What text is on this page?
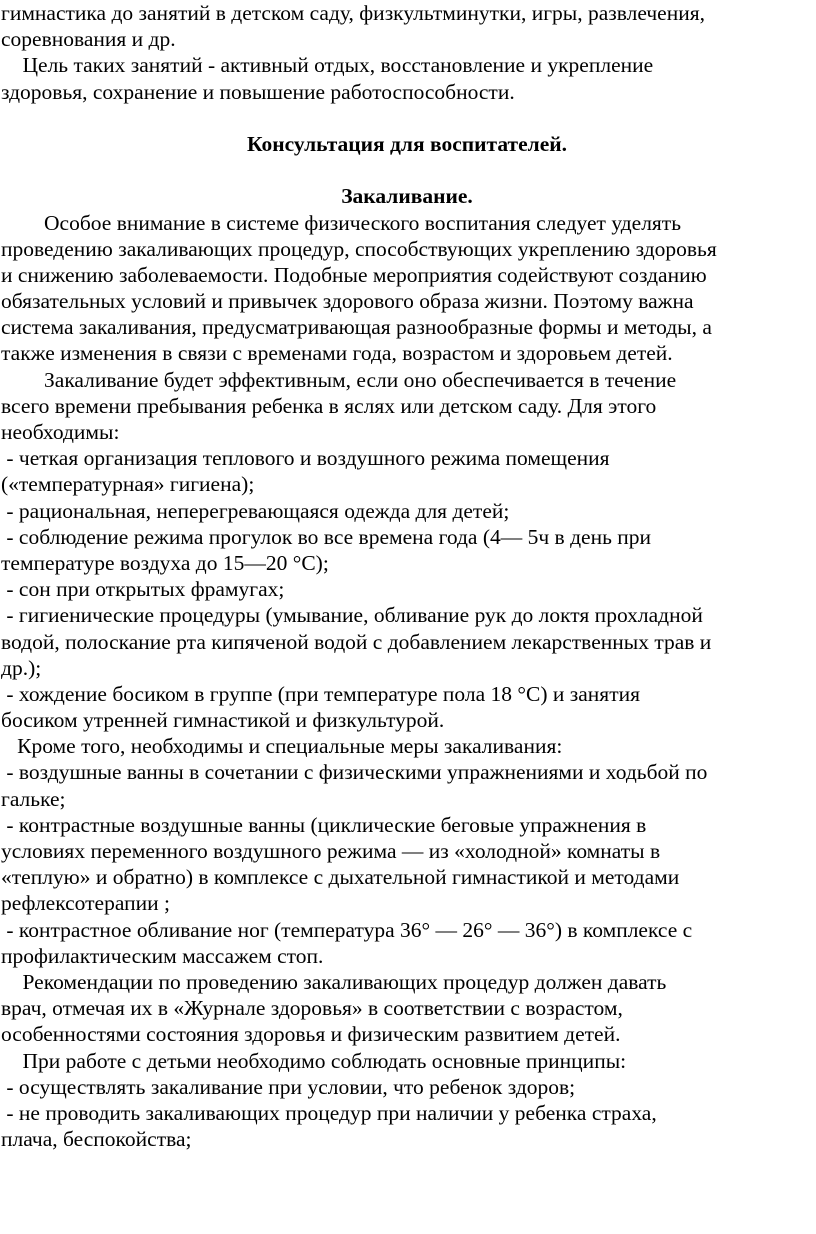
гимнастика до занятий в детском саду, физкультминутки, игры, развлечения,
соревнования и др.
Цель таких занятий - активный отдых, восстановление и укрепление
здоровья, сохранение и повышение работоспособности.
Консультация для воспитателей.
Закаливание.
Особое внимание в системе физического воспитания следует уделять
проведению закаливающих процедур, способствующих укреплению здоровья
и снижению заболеваемости. Подобные мероприятия содействуют созданию
обязательных условий и привычек здорового образа жизни. Поэтому важна
система закаливания, предусматривающая разнообразные формы и методы, а
также изменения в связи с временами года, возрастом и здоровьем детей.
Закаливание будет эффективным, если оно обеспечивается в течение
всего времени пребывания ребенка в яслях или детском саду. Для этого
необходимы:
- четкая организация теплового и воздушного режима помещения
(«температурная» гигиена);
- рациональная, неперегревающаяся одежда для детей;
- соблюдение режима прогулок во все времена года (4— 5ч в день при
температуре воздуха до 15—20 °С);
- сон при открытых фрамугах;
- гигиенические процедуры (умывание, обливание рук до локтя прохладной
водой, полоскание рта кипяченой водой с добавлением лекарственных трав и
др.);
- хождение босиком в группе (при температуре пола 18 °С) и занятия
босиком утренней гимнастикой и физкультурой.
Кроме того, необходимы и специальные меры закаливания:
- воздушные ванны в сочетании с физическими упражнениями и ходьбой по
гальке;
- контрастные воздушные ванны (циклические беговые упражнения в
условиях переменного воздушного режима — из «холодной» комнаты в
«теплую» и обратно) в комплексе с дыхательной гимнастикой и методами
рефлексотерапии ;
- контрастное обливание ног (температура 36° — 26° — 36°) в комплексе с
профилактическим массажем стоп.
Рекомендации по проведению закаливающих процедур должен давать
врач, отмечая их в «Журнале здоровья» в соответствии с возрастом,
особенностями состояния здоровья и физическим развитием детей.
При работе с детьми необходимо соблюдать основные принципы:
- осуществлять закаливание при условии, что ребенок здоров;
- не проводить закаливающих процедур при наличии у ребенка страха,
плача, беспокойства;
